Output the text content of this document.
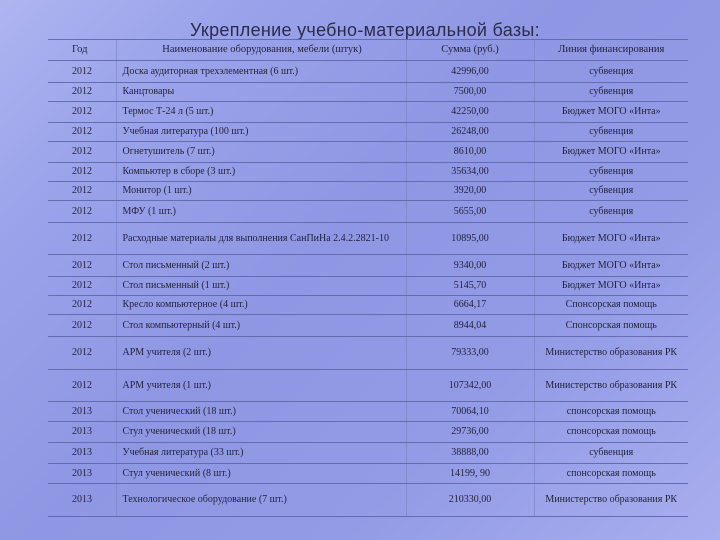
Укрепление учебно-материальной базы:
Год	Наименование оборудования, мебели (штук)	Сумма (руб.)	Линия финансирования
2012	Доска аудиторная трехэлементная (6 шт.)	42996,00	субвенция
2012	Канцтовары	7500,00	субвенция
2012	Термос Т-24 л (5 шт.)	42250,00	Бюджет МОГО «Инта»
2012	Учебная литература (100 шт.)	26248,00	субвенция
2012	Огнетушитель (7 шт.)	8610,00	Бюджет МОГО «Инта»
2012	Компьютер в сборе (3 шт.)	35634,00	субвенция
2012	Монитор (1 шт.)	3920,00	субвенция
2012	МФУ (1 шт.)	5655,00	субвенция
2012	Расходные материалы для выполнения СанПиНа 2.4.2.2821-10	10895,00	Бюджет МОГО «Инта»
2012	Стол письменный (2 шт.)	9340,00	Бюджет МОГО «Инта»
2012	Стол письменный (1 шт.)	5145,70	Бюджет МОГО «Инта»
2012	Кресло компьютерное (4 шт.)	6664,17	Спонсорская помощь
2012	Стол компьютерный (4 шт.)	8944,04	Спонсорская помощь
2012	АРМ учителя (2 шт.)	79333,00	Министерство образования РК
2012	АРМ учителя (1 шт.)	107342,00	Министерство образования РК
2013	Стол ученический (18 шт.)	70064,10	спонсорская помощь
2013	Стул ученический (18 шт.)	29736,00	спонсорская помощь
2013	Учебная литература (33 шт.)	38888,00	субвенция
2013	Стул ученический (8 шт.)	14199, 90	спонсорская помощь
2013	Технологическое оборудование (7 шт.)	210330,00	Министерство образования РК
